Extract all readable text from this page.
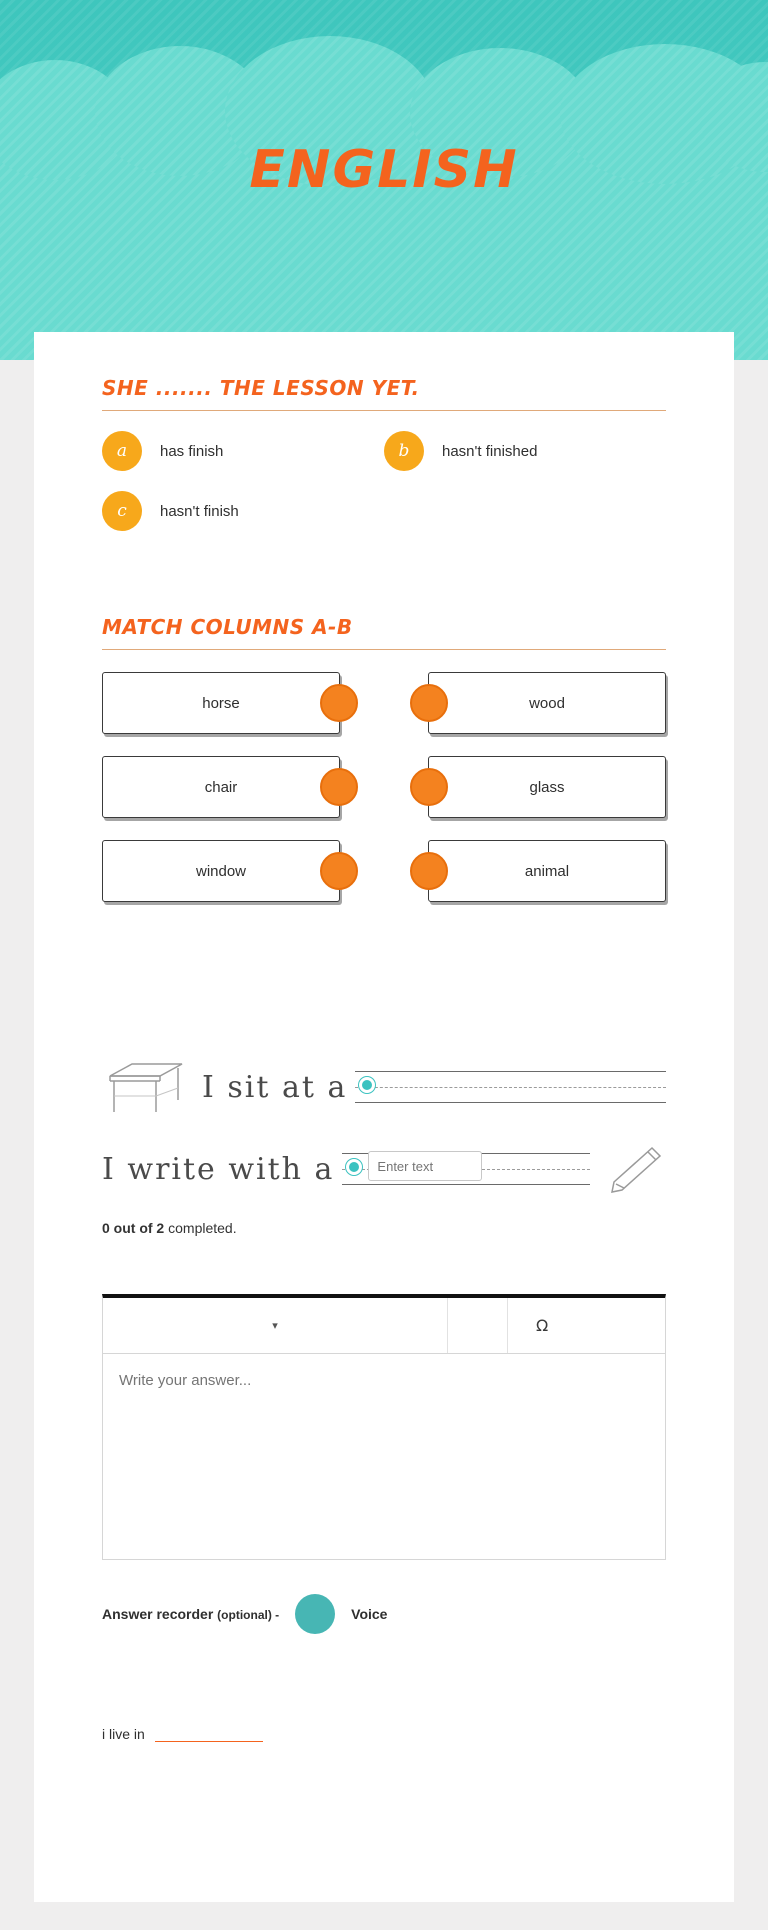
ENGLISH
SHE ....... THE LESSON YET.
a	has finish	b	hasn't finished
c	hasn't finish
MATCH COLUMNS A-B
horse	wood
chair	glass
window	animal
I sit at a
I write with a
Enter text
0 out of 2 completed.
▾	Ω
Write your answer...
Answer recorder (optional) -	Voice
i live in
